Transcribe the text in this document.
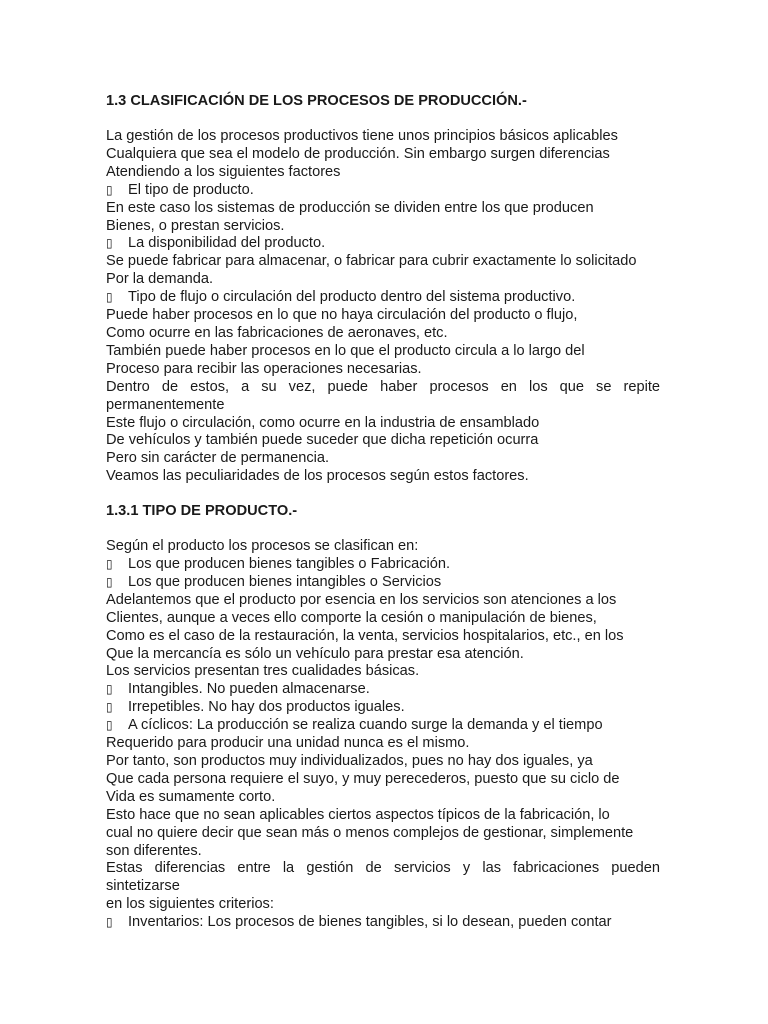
1.3 CLASIFICACIÓN DE LOS PROCESOS DE PRODUCCIÓN.-
La gestión de los procesos productivos tiene unos principios básicos aplicables
Cualquiera que sea el modelo de producción. Sin embargo surgen diferencias
Atendiendo a los siguientes factores
▯	El tipo de producto.
En este caso los sistemas de producción se dividen entre los que producen
Bienes, o prestan servicios.
▯	La disponibilidad del producto.
Se puede fabricar para almacenar, o fabricar para cubrir exactamente lo solicitado
Por la demanda.
▯	Tipo de flujo o circulación del producto dentro del sistema productivo.
Puede haber procesos en lo que no haya circulación del producto o flujo,
Como ocurre en las fabricaciones de aeronaves, etc.
También puede haber procesos en lo que el producto circula a lo largo del
Proceso para recibir las operaciones necesarias.
Dentro de estos, a su vez, puede haber procesos en los que se repite
permanentemente
Este flujo o circulación, como ocurre en la industria de ensamblado
De vehículos y también puede suceder que dicha repetición ocurra
Pero sin carácter de permanencia.
Veamos las peculiaridades de los procesos según estos factores.
1.3.1 TIPO DE PRODUCTO.-
Según el producto los procesos se clasifican en:
▯	Los que producen bienes tangibles o Fabricación.
▯	Los que producen bienes intangibles o Servicios
Adelantemos que el producto por esencia en los servicios son atenciones a los
Clientes, aunque a veces ello comporte la cesión o manipulación de bienes,
Como es el caso de la restauración, la venta, servicios hospitalarios, etc., en los
Que la mercancía es sólo un vehículo para prestar esa atención.
Los servicios presentan tres cualidades básicas.
▯	Intangibles. No pueden almacenarse.
▯	Irrepetibles. No hay dos productos iguales.
▯	A cíclicos: La producción se realiza cuando surge la demanda y el tiempo
Requerido para producir una unidad nunca es el mismo.
Por tanto, son productos muy individualizados, pues no hay dos iguales, ya
Que cada persona requiere el suyo, y muy perecederos, puesto que su ciclo de
Vida es sumamente corto.
Esto hace que no sean aplicables ciertos aspectos típicos de la fabricación, lo
cual no quiere decir que sean más o menos complejos de gestionar, simplemente
son diferentes.
Estas diferencias entre la gestión de servicios y las fabricaciones pueden
sintetizarse
en los siguientes criterios:
▯	Inventarios: Los procesos de bienes tangibles, si lo desean, pueden contar
